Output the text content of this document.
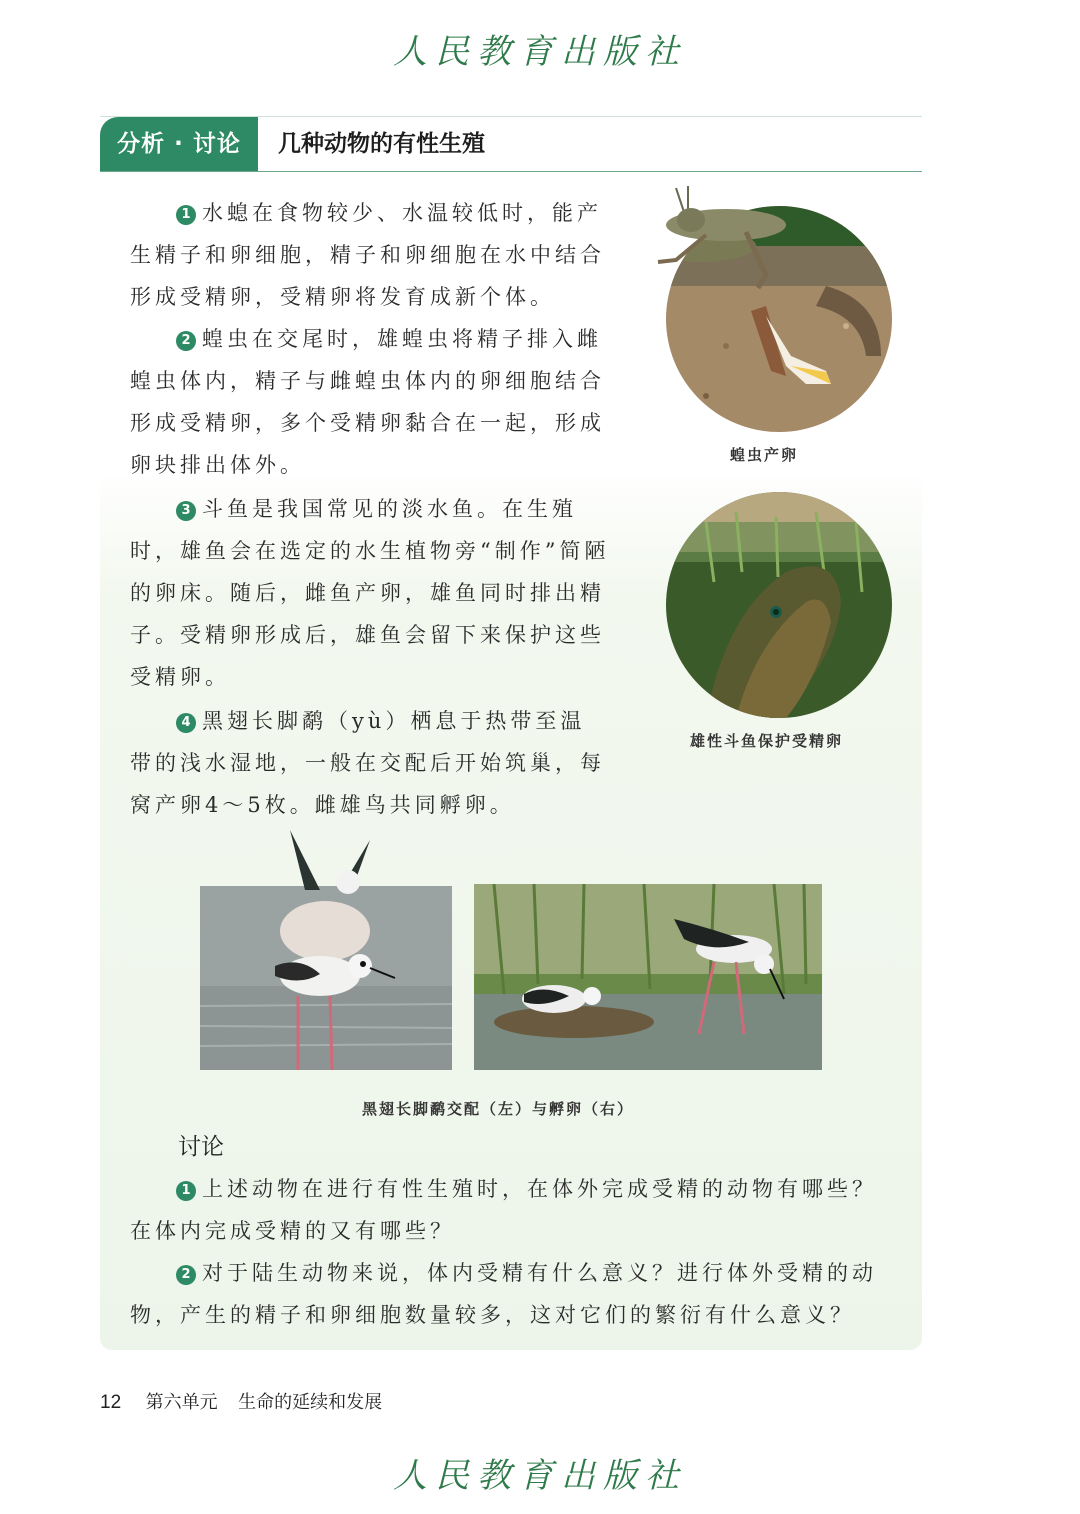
人民教育出版社
分析 · 讨论	几种动物的有性生殖

1 水螅在食物较少、水温较低时，能产生精子和卵细胞，精子和卵细胞在水中结合形成受精卵，受精卵将发育成新个体。

2 蝗虫在交尾时，雄蝗虫将精子排入雌蝗虫体内，精子与雌蝗虫体内的卵细胞结合形成受精卵，多个受精卵黏合在一起，形成卵块排出体外。

3 斗鱼是我国常见的淡水鱼。在生殖时，雄鱼会在选定的水生植物旁“制作”简陋的卵床。随后，雌鱼产卵，雄鱼同时排出精子。受精卵形成后，雄鱼会留下来保护这些受精卵。

4 黑翅长脚鹬（yù）栖息于热带至温带的浅水湿地，一般在交配后开始筑巢，每窝产卵4～5枚。雌雄鸟共同孵卵。

蝗虫产卵
雄性斗鱼保护受精卵
黑翅长脚鹬交配（左）与孵卵（右）
讨论

1 上述动物在进行有性生殖时，在体外完成受精的动物有哪些？在体内完成受精的又有哪些？

2 对于陆生动物来说，体内受精有什么意义？进行体外受精的动物，产生的精子和卵细胞数量较多，这对它们的繁衍有什么意义？

12 第六单元 生命的延续和发展
人民教育出版社
